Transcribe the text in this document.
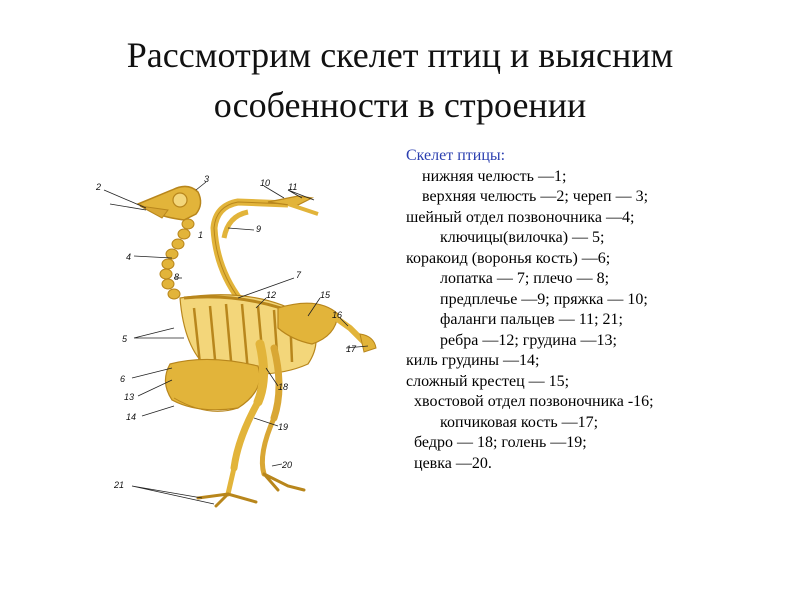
Рассмотрим скелет птиц и выясним
особенности в строении
1
2
3
4
5
6
7
8
9
10 11
12
13
14
15
16
17
18
19
20
21
Скелет птицы:
нижняя челюсть —1;
верхняя челюсть —2; череп — 3;
шейный отдел позвоночника —4;
ключицы(вилочка) — 5;
коракоид (воронья кость) —6;
лопатка — 7; плечо — 8;
предплечье —9; пряжка — 10;
фаланги пальцев — 11; 21;
ребра —12; грудина —13;
киль грудины —14;
сложный крестец — 15;
хвостовой отдел позвоночника -16;
копчиковая кость —17;
бедро — 18; голень —19;
цевка —20.
